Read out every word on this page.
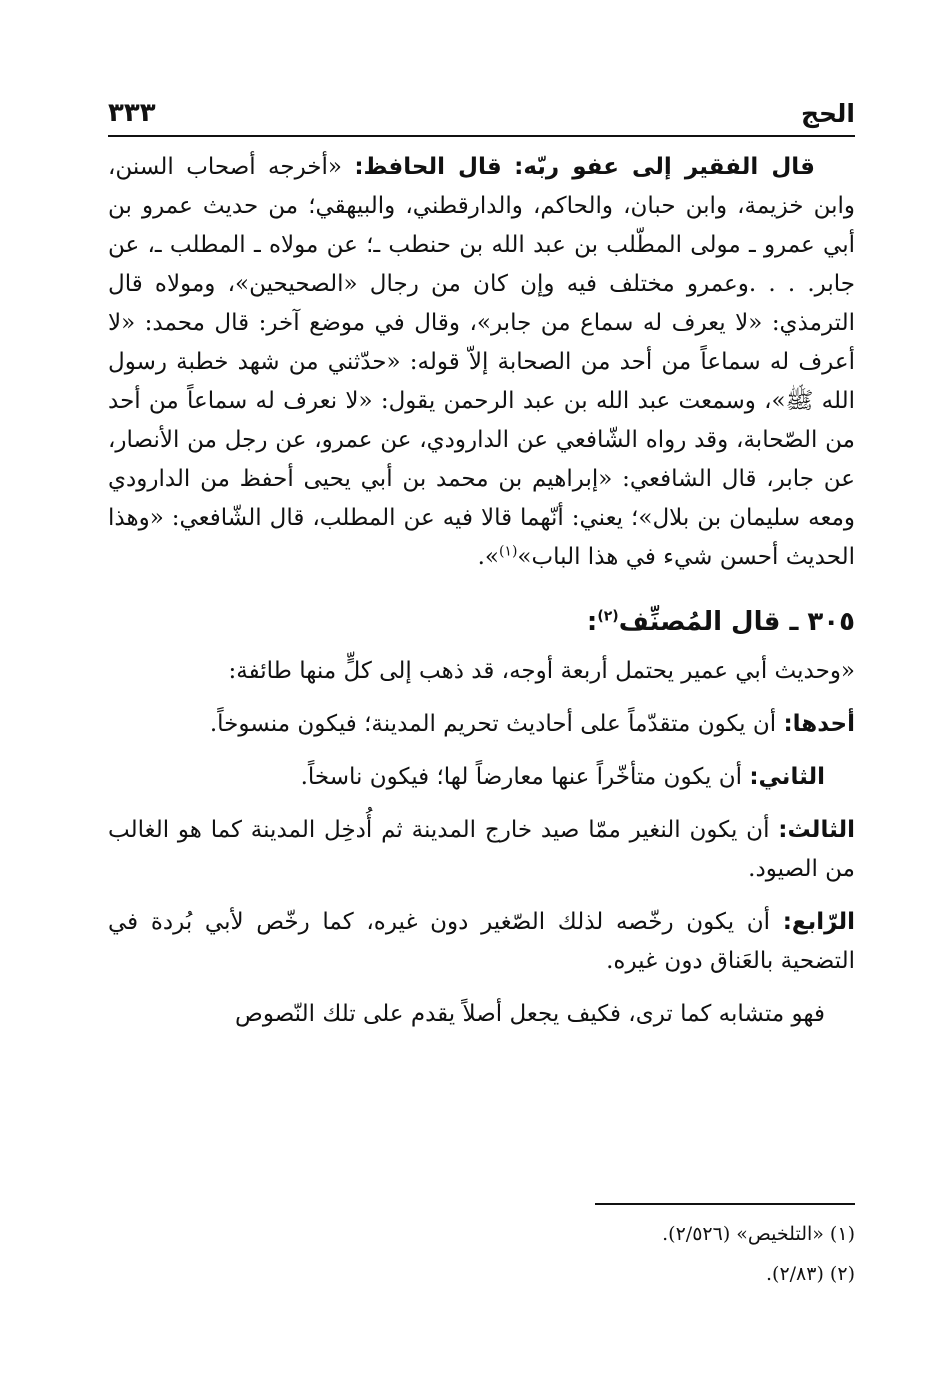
الحج
٣٣٣

قال الفقير إلى عفو ربّه: قال الحافظ: «أخرجه أصحاب السنن، وابن خزيمة، وابن حبان، والحاكم، والدارقطني، والبيهقي؛ من حديث عمرو بن أبي عمرو ـ مولى المطّلب بن عبد الله بن حنطب ـ؛ عن مولاه ـ المطلب ـ، عن جابر. . . .وعمرو مختلف فيه وإن كان من رجال «الصحيحين»، ومولاه قال الترمذي: «لا يعرف له سماع من جابر»، وقال في موضع آخر: قال محمد: «لا أعرف له سماعاً من أحد من الصحابة إلاّ قوله: «حدّثني من شهد خطبة رسول الله ﷺ»، وسمعت عبد الله بن عبد الرحمن يقول: «لا نعرف له سماعاً من أحد من الصّحابة، وقد رواه الشّافعي عن الدارودي، عن عمرو، عن رجل من الأنصار، عن جابر، قال الشافعي: «إبراهيم بن محمد بن أبي يحيى أحفظ من الدارودي ومعه سليمان بن بلال»؛ يعني: أنّهما قالا فيه عن المطلب، قال الشّافعي: «وهذا الحديث أحسن شيء في هذا الباب»$^{(١)}$».

٣٠٥ ـ قال المُصنِّف$^{(٢)}$:

«وحديث أبي عمير يحتمل أربعة أوجه، قد ذهب إلى كلٍّ منها طائفة:

أحدها: أن يكون متقدّماً على أحاديث تحريم المدينة؛ فيكون منسوخاً.

الثاني: أن يكون متأخّراً عنها معارضاً لها؛ فيكون ناسخاً.

الثالث: أن يكون النغير ممّا صيد خارج المدينة ثم أُدخِل المدينة كما هو الغالب من الصيود.

الرّابع: أن يكون رخّصه لذلك الصّغير دون غيره، كما رخّص لأبي بُردة في التضحية بالعَناق دون غيره.

فهو متشابه كما ترى، فكيف يجعل أصلاً يقدم على تلك النّصوص

(١) «التلخيص» (٢/٥٢٦).

(٢) (٢/٨٣).
